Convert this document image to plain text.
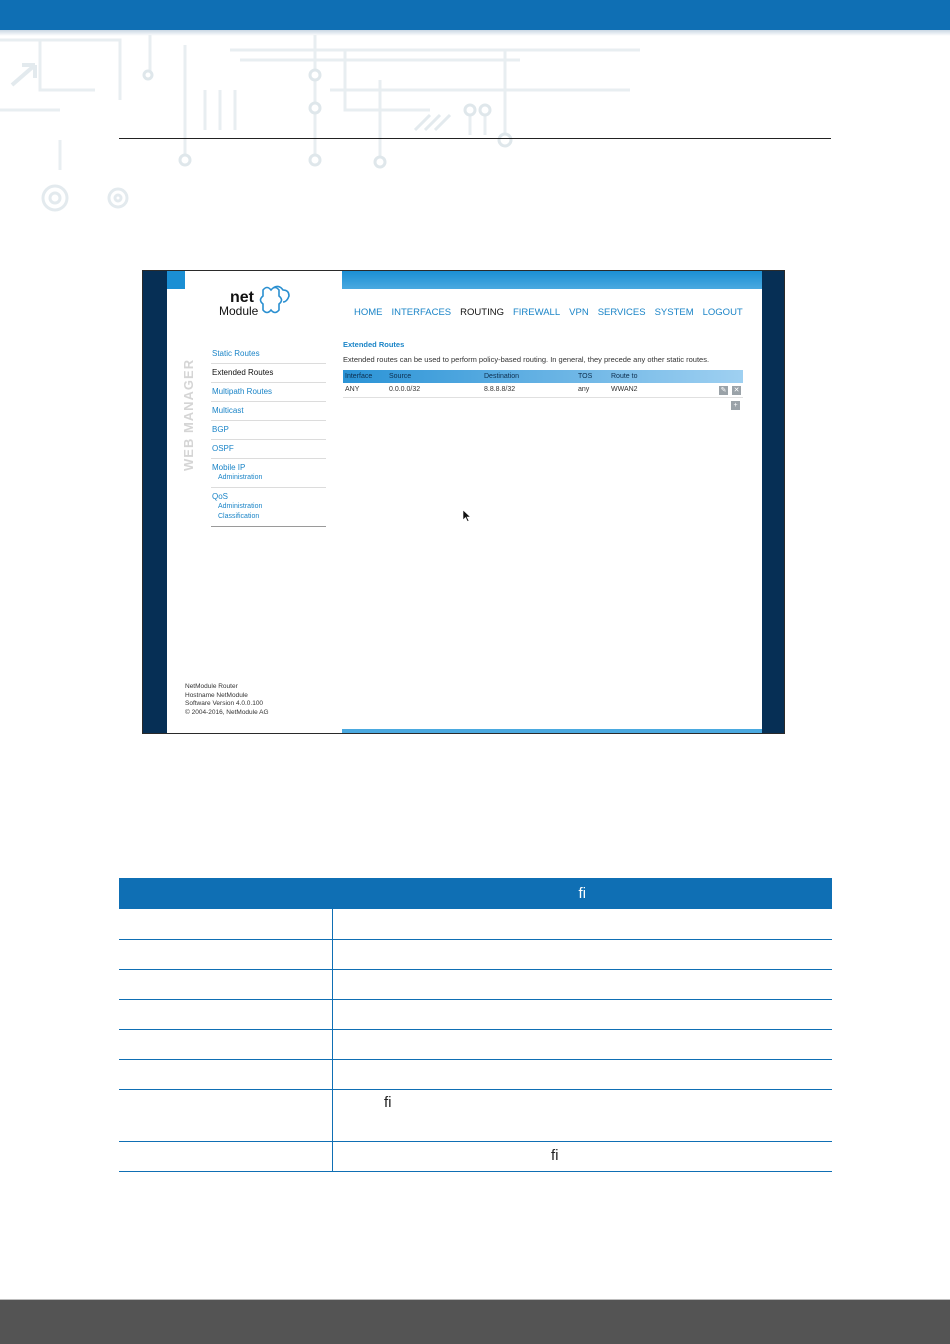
net
Module
WEB MANAGER
Static Routes
Extended Routes
Multipath Routes
Multicast
BGP
OSPF
Mobile IP
Administration
QoS
Administration
Classification
NetModule Router
Hostname NetModule
Software Version 4.0.0.100
© 2004-2016, NetModule AG
HOME INTERFACES ROUTING FIREWALL VPN SERVICES SYSTEM LOGOUT
Extended Routes
Extended routes can be used to perform policy-based routing. In general, they precede any other static routes.
Interface	Source	Destination	TOS	Route to
ANY	0.0.0.0/32	8.8.8.8/32	any	WWAN2	✎ ✕
+
	ﬁ

	ﬁ
	ﬁ
